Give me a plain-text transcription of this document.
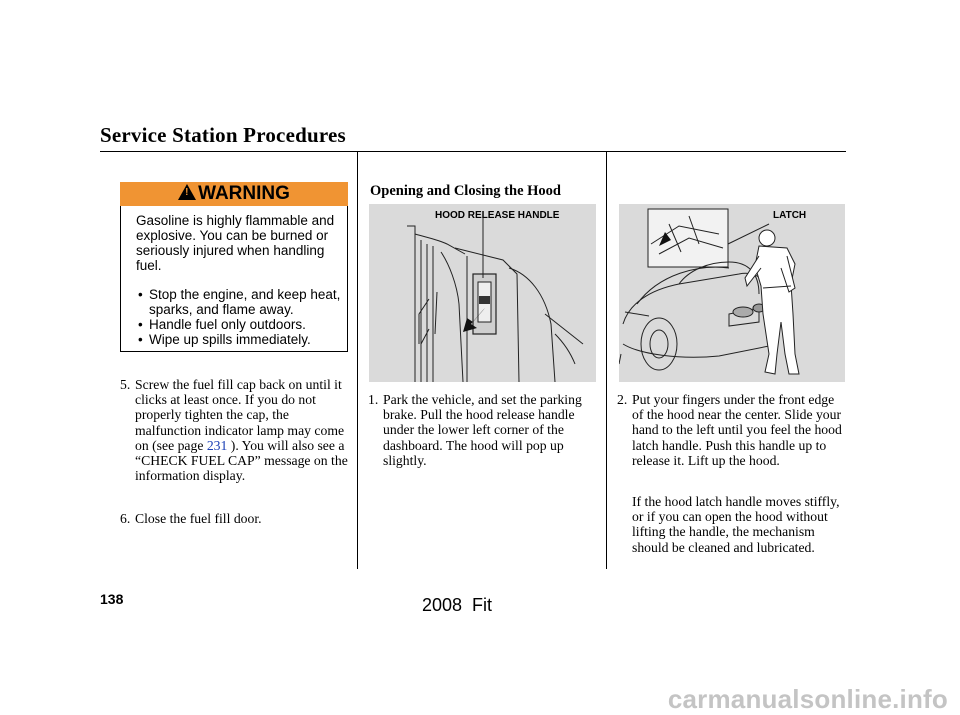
Service Station Procedures
! WARNING
Gasoline is highly flammable and explosive. You can be burned or seriously injured when handling fuel.
• Stop the engine, and keep heat, sparks, and flame away.
• Handle fuel only outdoors.
• Wipe up spills immediately.
5. Screw the fuel fill cap back on until it clicks at least once. If you do not properly tighten the cap, the malfunction indicator lamp may come on (see page 231 ). You will also see a “CHECK FUEL CAP” message on the information display.
6. Close the fuel fill door.
Opening and Closing the Hood
HOOD RELEASE HANDLE
1. Park the vehicle, and set the parking brake. Pull the hood release handle under the lower left corner of the dashboard. The hood will pop up slightly.
LATCH
2. Put your fingers under the front edge of the hood near the center. Slide your hand to the left until you feel the hood latch handle. Push this handle up to release it. Lift up the hood.
If the hood latch handle moves stiffly, or if you can open the hood without lifting the handle, the mechanism should be cleaned and lubricated.
138	2008  Fit
carmanualsonline.info
